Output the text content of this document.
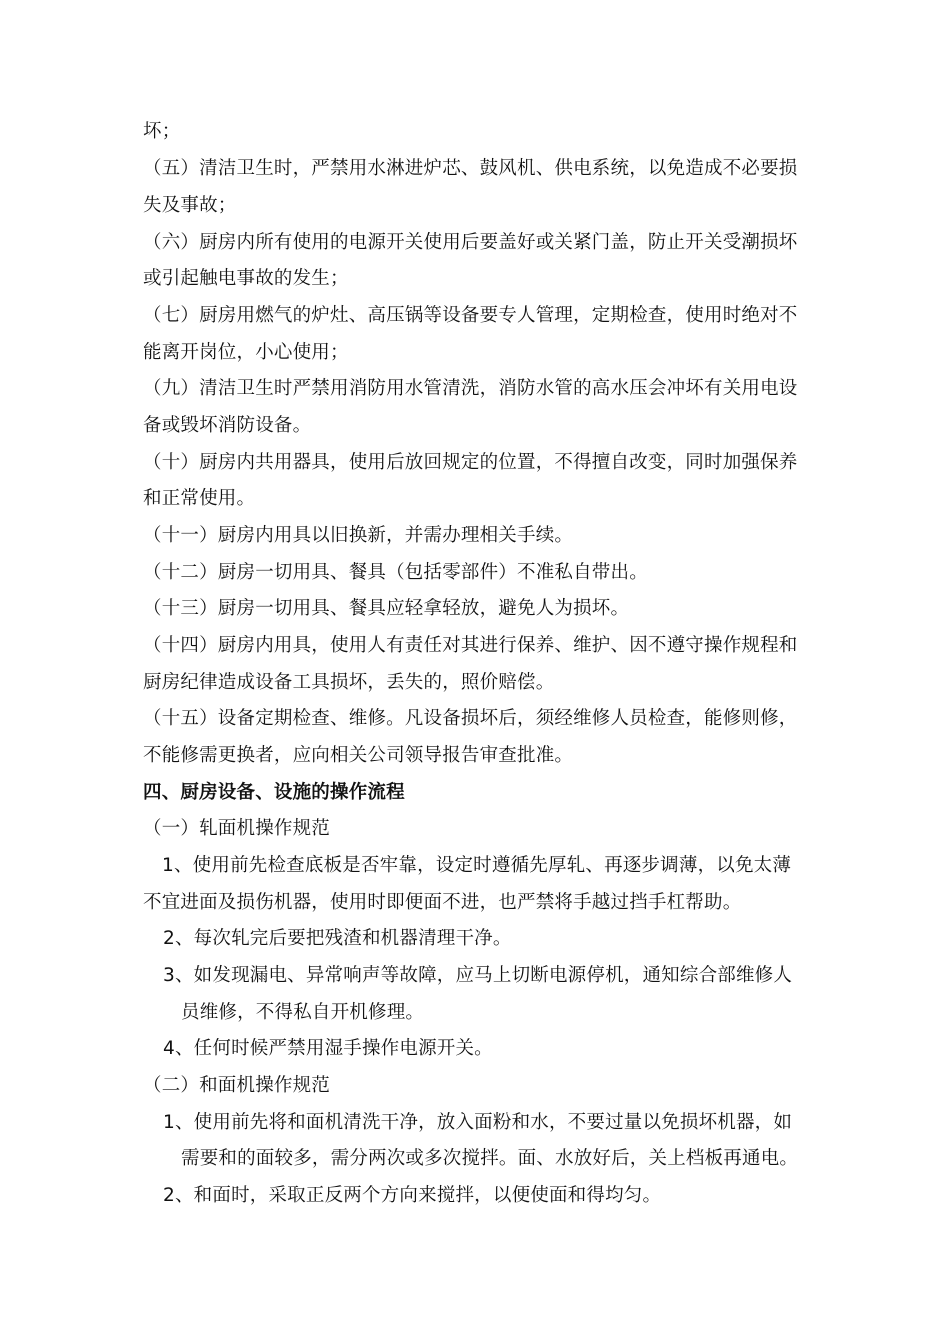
坏；
（五）清洁卫生时，严禁用水淋进炉芯、鼓风机、供电系统，以免造成不必要损
失及事故；
（六）厨房内所有使用的电源开关使用后要盖好或关紧门盖，防止开关受潮损坏
或引起触电事故的发生；
（七）厨房用燃气的炉灶、高压锅等设备要专人管理，定期检查，使用时绝对不
能离开岗位，小心使用；
（九）清洁卫生时严禁用消防用水管清洗，消防水管的高水压会冲坏有关用电设
备或毁坏消防设备。
（十）厨房内共用器具，使用后放回规定的位置，不得擅自改变，同时加强保养
和正常使用。
（十一）厨房内用具以旧换新，并需办理相关手续。
（十二）厨房一切用具、餐具（包括零部件）不准私自带出。
（十三）厨房一切用具、餐具应轻拿轻放，避免人为损坏。
（十四）厨房内用具，使用人有责任对其进行保养、维护、因不遵守操作规程和
厨房纪律造成设备工具损坏，丢失的，照价赔偿。
（十五）设备定期检查、维修。凡设备损坏后，须经维修人员检查，能修则修，
不能修需更换者，应向相关公司领导报告审查批准。
四、厨房设备、设施的操作流程
（一）轧面机操作规范
1、使用前先检查底板是否牢靠，设定时遵循先厚轧、再逐步调薄，以免太薄
不宜进面及损伤机器，使用时即便面不进，也严禁将手越过挡手杠帮助。
2、每次轧完后要把残渣和机器清理干净。
3、如发现漏电、异常响声等故障，应马上切断电源停机，通知综合部维修人
员维修，不得私自开机修理。
4、任何时候严禁用湿手操作电源开关。
（二）和面机操作规范
1、使用前先将和面机清洗干净，放入面粉和水，不要过量以免损坏机器，如
需要和的面较多，需分两次或多次搅拌。面、水放好后，关上档板再通电。
2、和面时，采取正反两个方向来搅拌，以便使面和得均匀。
